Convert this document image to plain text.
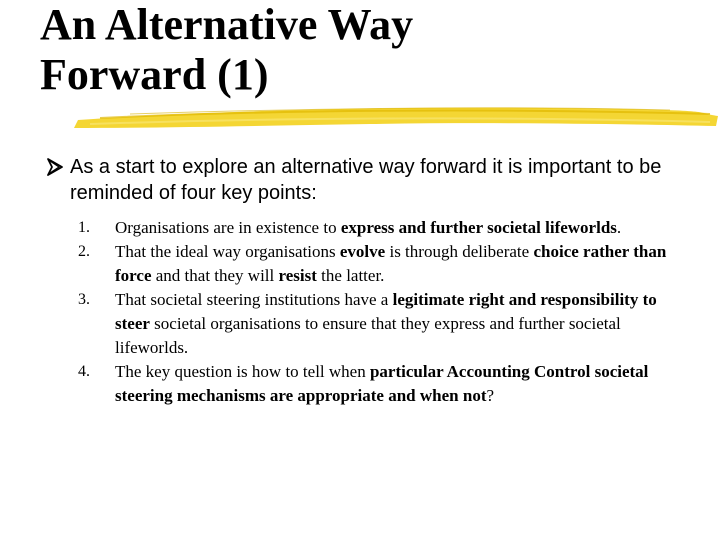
An Alternative Way
Forward (1)
As a start to explore an alternative way forward it is important to be reminded of four key points:
1. Organisations are in existence to express and further societal lifeworlds.
2. That the ideal way organisations evolve is through deliberate choice rather than force and that they will resist the latter.
3. That societal steering institutions have a legitimate right and responsibility to steer societal organisations to ensure that they express and further societal lifeworlds.
4. The key question is how to tell when particular Accounting Control societal steering mechanisms are appropriate and when not?
